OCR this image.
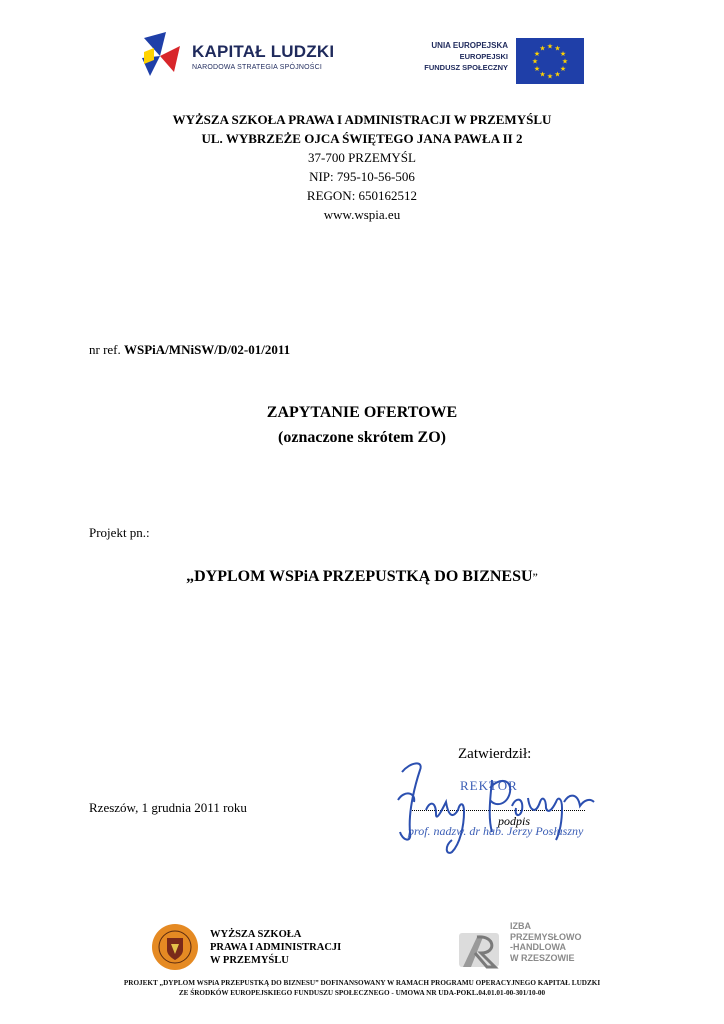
KAPITAŁ LUDZKI
NARODOWA STRATEGIA SPÓJNOŚCI
UNIA EUROPEJSKA
EUROPEJSKI
FUNDUSZ SPOŁECZNY
★ ★
★
★
★
★
★
★
★
★
★
★
WYŻSZA SZKOŁA PRAWA I ADMINISTRACJI W PRZEMYŚLU
UL. WYBRZEŻE OJCA ŚWIĘTEGO JANA PAWŁA II 2
37-700 PRZEMYŚL
NIP: 795-10-56-506
REGON: 650162512
www.wspia.eu
nr ref. WSPiA/MNiSW/D/02-01/2011
ZAPYTANIE OFERTOWE
(oznaczone skrótem ZO)
Projekt pn.:
„DYPLOM WSPiA PRZEPUSTKĄ DO BIZNESU”
Rzeszów, 1 grudnia 2011 roku
Zatwierdził:
REKTOR
podpis
prof. nadzw. dr hab. Jerzy Posłuszny
WYŻSZA SZKOŁA
PRAWA I ADMINISTRACJI
W PRZEMYŚLU
IZBA
PRZEMYSŁOWO
-HANDLOWA
W RZESZOWIE
PROJEKT „DYPLOM WSPiA PRZEPUSTKĄ DO BIZNESU” DOFINANSOWANY W RAMACH PROGRAMU OPERACYJNEGO KAPITAŁ LUDZKI
ZE ŚRODKÓW EUROPEJSKIEGO FUNDUSZU SPOŁECZNEGO - UMOWA NR UDA-POKL.04.01.01-00-301/10-00
